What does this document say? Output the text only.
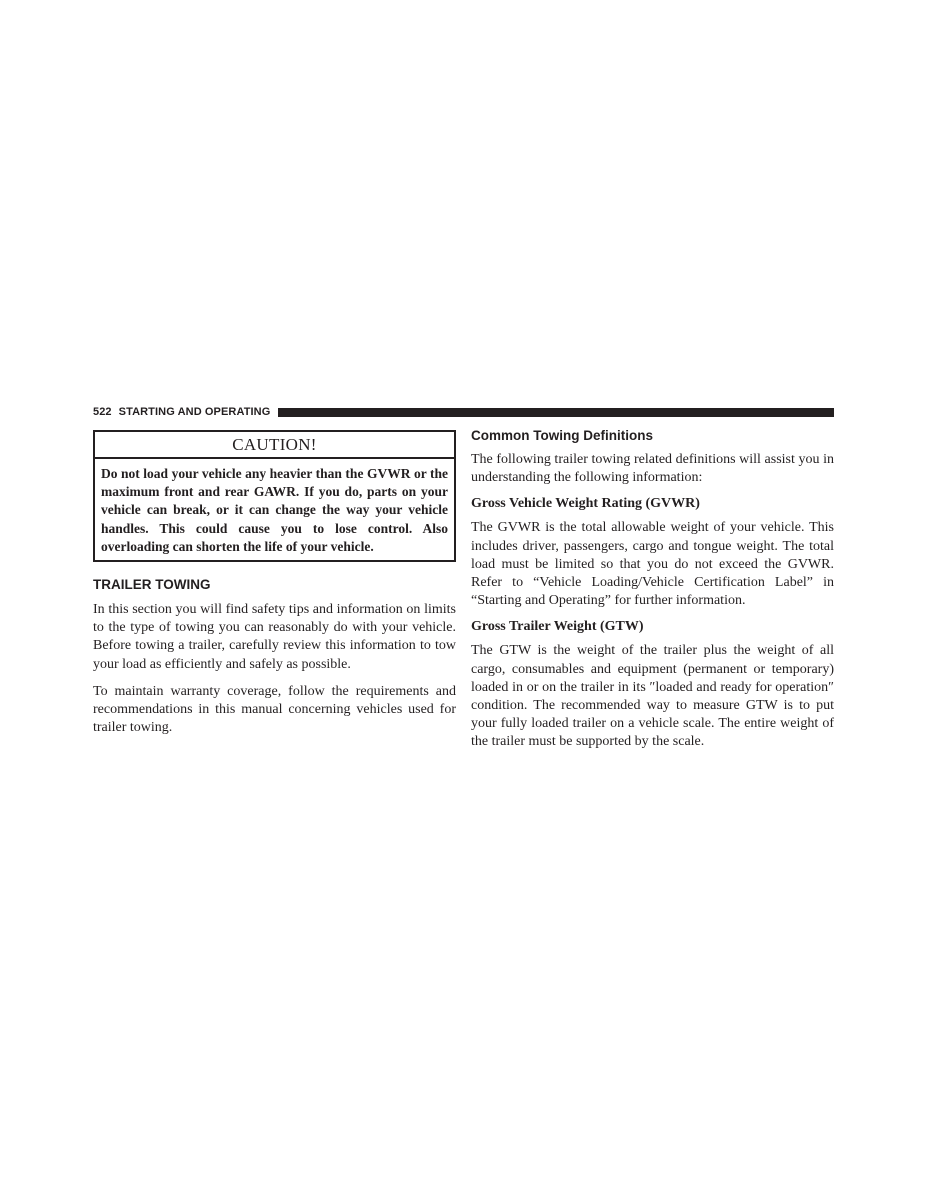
522 STARTING AND OPERATING
CAUTION!
Do not load your vehicle any heavier than the GVWR or the maximum front and rear GAWR. If you do, parts on your vehicle can break, or it can change the way your vehicle handles. This could cause you to lose control. Also overloading can shorten the life of your vehicle.
TRAILER TOWING

In this section you will find safety tips and information on limits to the type of towing you can reasonably do with your vehicle. Before towing a trailer, carefully review this information to tow your load as efficiently and safely as possible.

To maintain warranty coverage, follow the requirements and recommendations in this manual concerning vehicles used for trailer towing.

Common Towing Definitions

The following trailer towing related definitions will assist you in understanding the following information:

Gross Vehicle Weight Rating (GVWR)

The GVWR is the total allowable weight of your vehicle. This includes driver, passengers, cargo and tongue weight. The total load must be limited so that you do not exceed the GVWR. Refer to “Vehicle Loading/Vehicle Certification Label” in “Starting and Operating” for further information.

Gross Trailer Weight (GTW)

The GTW is the weight of the trailer plus the weight of all cargo, consumables and equipment (permanent or temporary) loaded in or on the trailer in its ″loaded and ready for operation″ condition. The recommended way to measure GTW is to put your fully loaded trailer on a vehicle scale. The entire weight of the trailer must be supported by the scale.
